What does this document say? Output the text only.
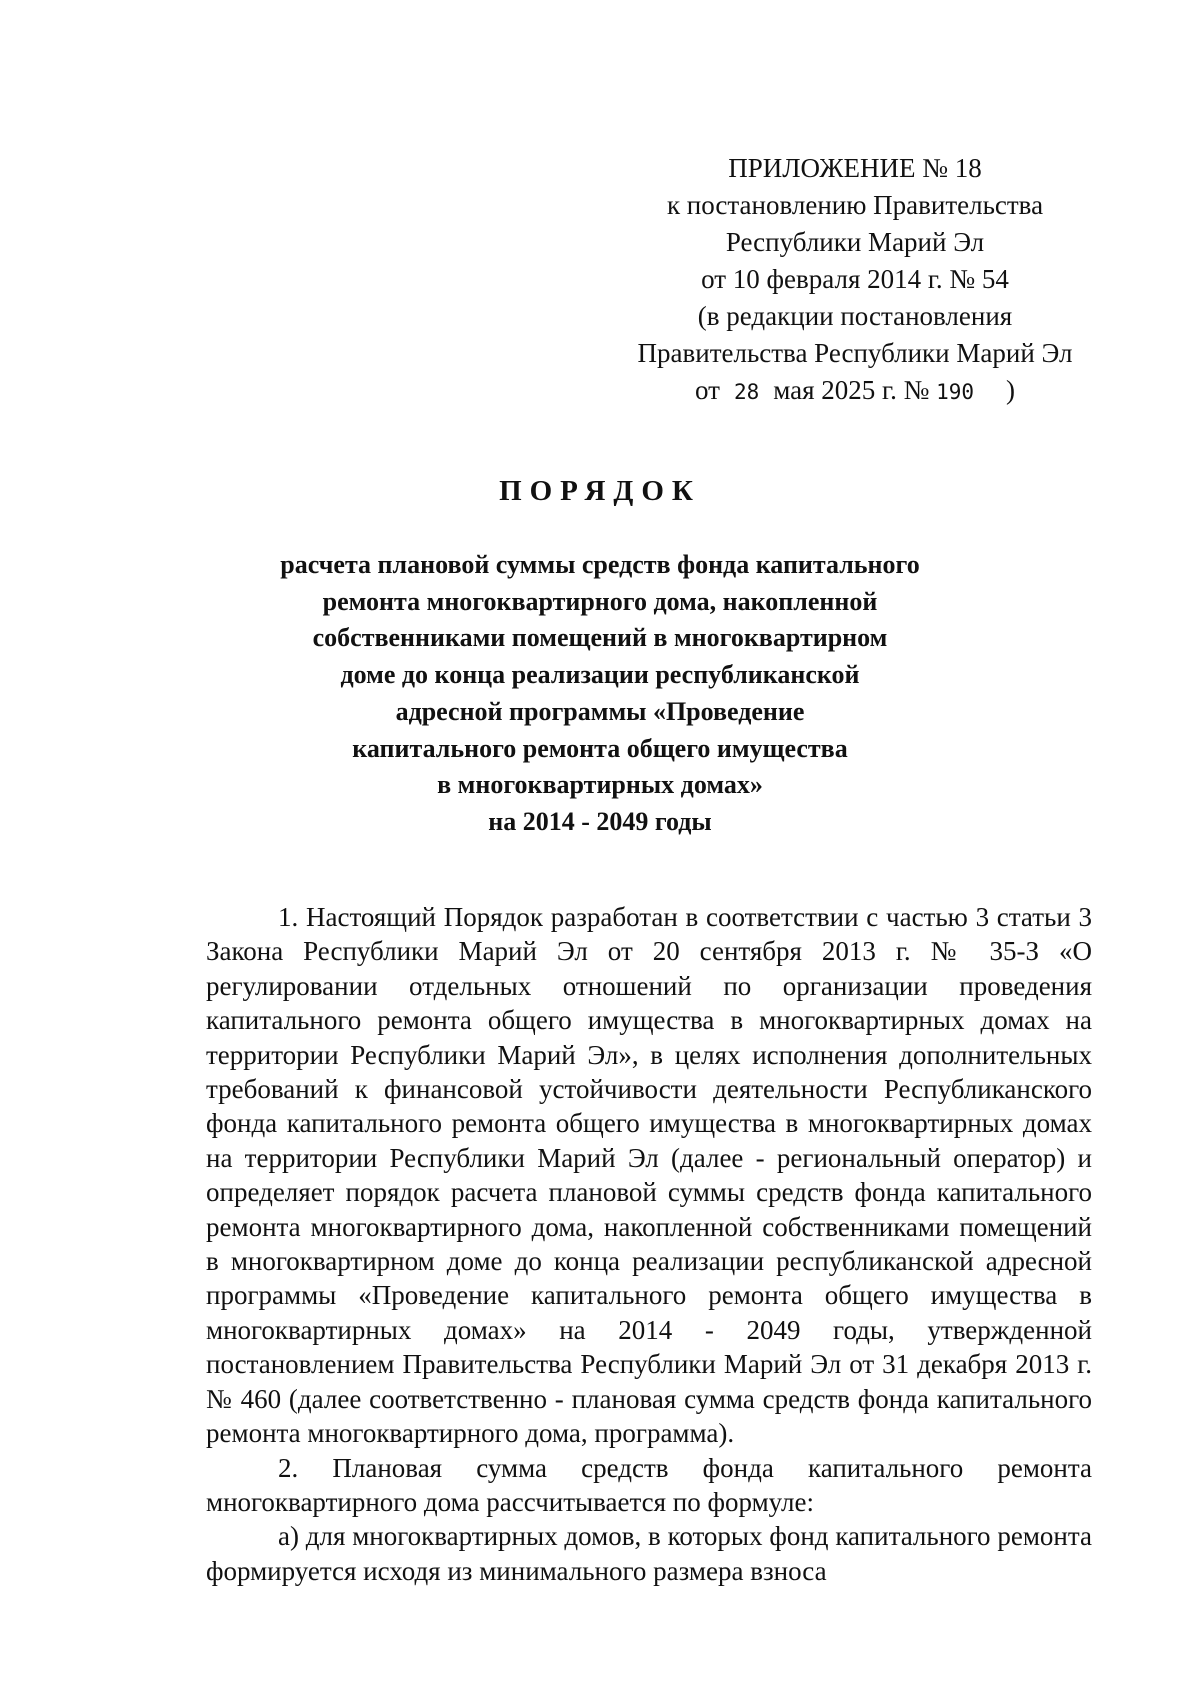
ПРИЛОЖЕНИЕ № 18
к постановлению Правительства
Республики Марий Эл
от 10 февраля 2014 г. № 54
(в редакции постановления
Правительства Республики Марий Эл
от 28 мая 2025 г. № 190 )
ПОРЯДОК
расчета плановой суммы средств фонда капитального
ремонта многоквартирного дома, накопленной
собственниками помещений в многоквартирном
доме до конца реализации республиканской
адресной программы «Проведение
капитального ремонта общего имущества
в многоквартирных домах»
на 2014 - 2049 годы

1. Настоящий Порядок разработан в соответствии с частью 3 статьи 3 Закона Республики Марий Эл от 20 сентября 2013 г. № 35-З «О регулировании отдельных отношений по организации проведения капитального ремонта общего имущества в многоквартирных домах на территории Республики Марий Эл», в целях исполнения дополнительных требований к финансовой устойчивости деятельности Республиканского фонда капитального ремонта общего имущества в многоквартирных домах на территории Республики Марий Эл (далее - региональный оператор) и определяет порядок расчета плановой суммы средств фонда капитального ремонта многоквартирного дома, накопленной собственниками помещений в многоквартирном доме до конца реализации республиканской адресной программы «Проведение капитального ремонта общего имущества в многоквартирных домах» на 2014 - 2049 годы, утвержденной постановлением Правительства Республики Марий Эл от 31 декабря 2013 г. № 460 (далее соответственно - плановая сумма средств фонда капитального ремонта многоквартирного дома, программа).

2. Плановая сумма средств фонда капитального ремонта многоквартирного дома рассчитывается по формуле:

а) для многоквартирных домов, в которых фонд капитального ремонта формируется исходя из минимального размера взноса
